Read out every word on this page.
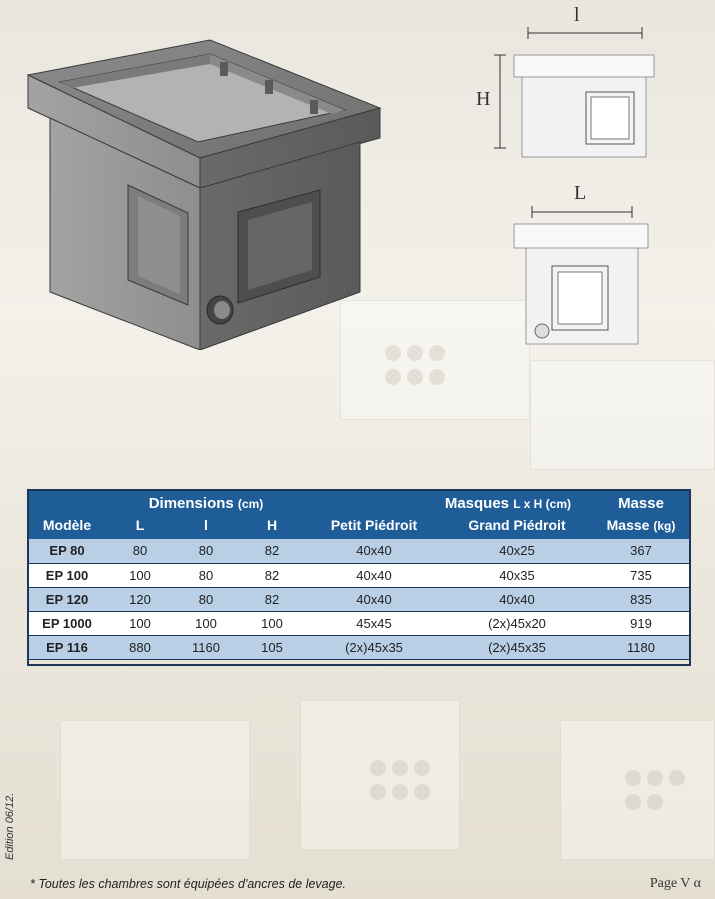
l
H
L
	Dimensions (cm)			Masques L x H (cm)		Masse
Modèle	L	l	H	Petit Piédroit	Grand Piédroit	Masse (kg)
EP 80	80	80	82	40x40	40x25	367
EP 100	100	80	82	40x40	40x35	735
EP 120	120	80	82	40x40	40x40	835
EP 1000	100	100	100	45x45	(2x)45x20	919
EP 116	880	1160	105	(2x)45x35	(2x)45x35	1180
Edition 06/12.
* Toutes les chambres sont équipées d'ancres de levage.	Page V α
